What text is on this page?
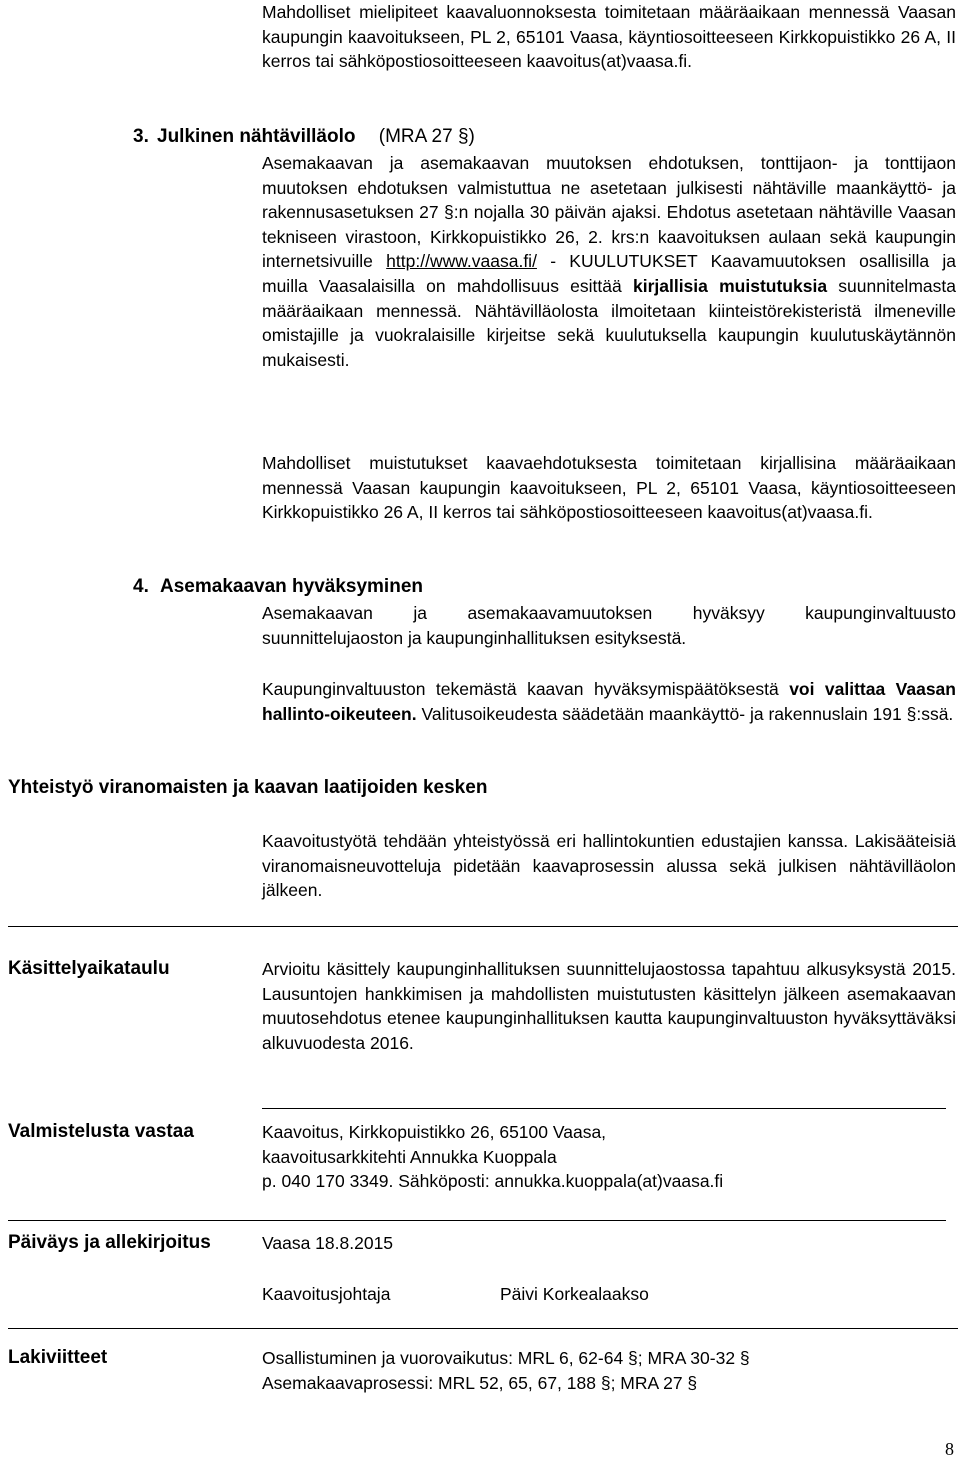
Mahdolliset mielipiteet kaavaluonnoksesta toimitetaan määräaikaan mennessä Vaasan kaupungin kaavoitukseen, PL 2, 65101 Vaasa, käyntiosoitteeseen Kirkkopuistikko 26 A, II kerros tai sähköpostiosoitteeseen kaavoitus(at)vaasa.fi.

3. Julkinen nähtävilläolo (MRA 27 §)

Asemakaavan ja asemakaavan muutoksen ehdotuksen, tonttijaon- ja tonttijaon muutoksen ehdotuksen valmistuttua ne asetetaan julkisesti nähtäville maankäyttö- ja rakennusasetuksen 27 §:n nojalla 30 päivän ajaksi. Ehdotus asetetaan nähtäville Vaasan tekniseen virastoon, Kirkkopuistikko 26, 2. krs:n kaavoituksen aulaan sekä kaupungin internetsivuille http://www.vaasa.fi/ - KUULUTUKSET Kaavamuutoksen osallisilla ja muilla Vaasalaisilla on mahdollisuus esittää kirjallisia muistutuksia suunnitelmasta määräaikaan mennessä. Nähtävilläolosta ilmoitetaan kiinteistörekisteristä ilmeneville omistajille ja vuokralaisille kirjeitse sekä kuulutuksella kaupungin kuulutuskäytännön mukaisesti.

Mahdolliset muistutukset kaavaehdotuksesta toimitetaan kirjallisina määräaikaan mennessä Vaasan kaupungin kaavoitukseen, PL 2, 65101 Vaasa, käyntiosoitteeseen Kirkkopuistikko 26 A, II kerros tai sähköpostiosoitteeseen kaavoitus(at)vaasa.fi.

4. Asemakaavan hyväksyminen

Asemakaavan ja asemakaavamuutoksen hyväksyy kaupunginvaltuusto suunnittelujaoston ja kaupunginhallituksen esityksestä.

Kaupunginvaltuuston tekemästä kaavan hyväksymispäätöksestä voi valittaa Vaasan hallinto-oikeuteen. Valitusoikeudesta säädetään maankäyttö- ja rakennuslain 191 §:ssä.

Yhteistyö viranomaisten ja kaavan laatijoiden kesken

Kaavoitustyötä tehdään yhteistyössä eri hallintokuntien edustajien kanssa. Lakisääteisiä viranomaisneuvotteluja pidetään kaavaprosessin alussa sekä julkisen nähtävilläolon jälkeen.

Käsittelyaikataulu	Arvioitu käsittely kaupunginhallituksen suunnittelujaostossa tapahtuu alkusyksystä 2015. Lausuntojen hankkimisen ja mahdollisten muistutusten käsittelyn jälkeen asemakaavan muutosehdotus etenee kaupunginhallituksen kautta kaupunginvaltuuston hyväksyttäväksi alkuvuodesta 2016.

Valmistelusta vastaa	Kaavoitus, Kirkkopuistikko 26, 65100 Vaasa,

kaavoitusarkkitehti Annukka Kuoppala

p. 040 170 3349. Sähköposti: annukka.kuoppala(at)vaasa.fi

Päiväys ja allekirjoitus	Vaasa 18.8.2015
Kaavoitusjohtaja	Päivi Korkealaakso
Lakiviitteet	Osallistuminen ja vuorovaikutus: MRL 6, 62-64 §; MRA 30-32 §

Asemakaavaprosessi: MRL 52, 65, 67, 188 §; MRA 27 §

8
